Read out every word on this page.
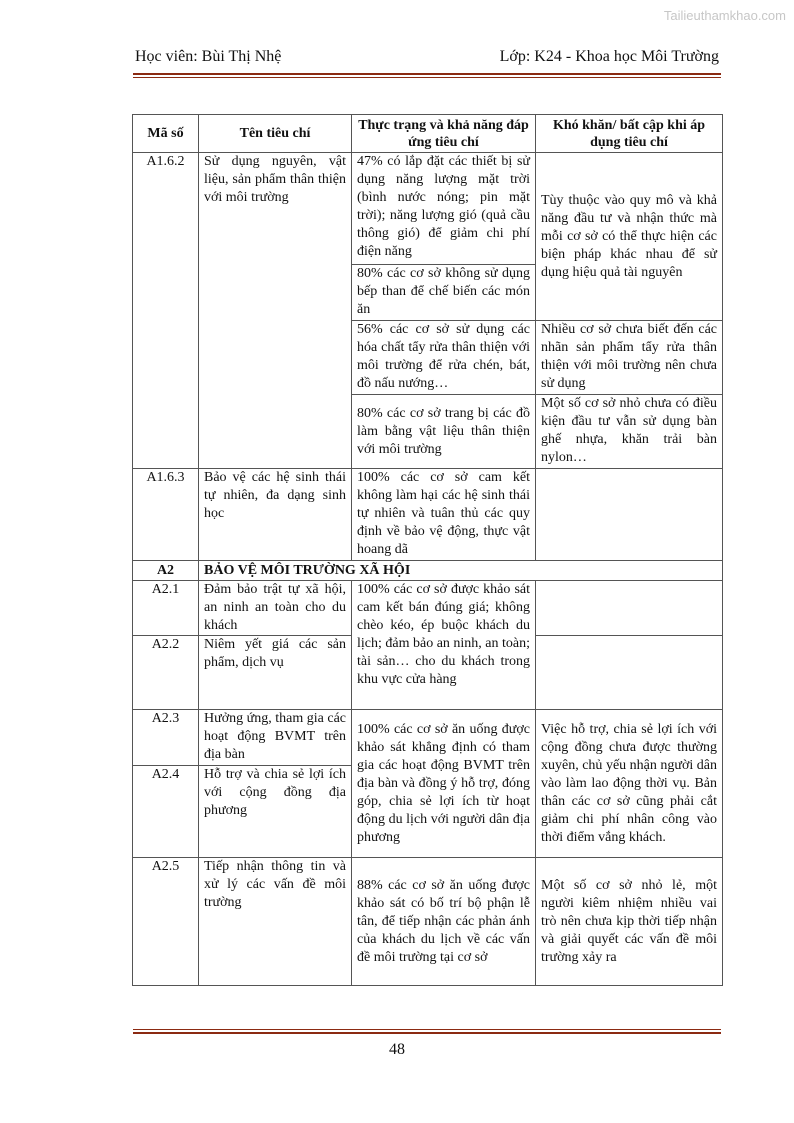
Tailieuthamkhao.com
Học viên: Bùi Thị Nhệ	Lớp: K24 - Khoa học Môi Trường
Mã số	Tên tiêu chí	Thực trạng và khả năng đáp ứng tiêu chí	Khó khăn/ bất cập khi áp dụng tiêu chí
A1.6.2	Sử dụng nguyên, vật liệu, sản phẩm thân thiện với môi trường	47% có lắp đặt các thiết bị sử dụng năng lượng mặt trời (bình nước nóng; pin mặt trời); năng lượng gió (quả cầu thông gió) để giảm chi phí điện năng	Tùy thuộc vào quy mô và khả năng đầu tư và nhận thức mà mỗi cơ sở có thể thực hiện các biện pháp khác nhau để sử dụng hiệu quả tài nguyên
		80% các cơ sở không sử dụng bếp than để chế biến các món ăn	
		56% các cơ sở sử dụng các hóa chất tẩy rửa thân thiện với môi trường để rửa chén, bát, đồ nấu nướng…	Nhiều cơ sở chưa biết đến các nhãn sản phẩm tẩy rửa thân thiện với môi trường nên chưa sử dụng
		80% các cơ sở trang bị các đồ làm bằng vật liệu thân thiện với môi trường	Một số cơ sở nhỏ chưa có điều kiện đầu tư vẫn sử dụng bàn ghế nhựa, khăn trải bàn nylon…
A1.6.3	Bảo vệ các hệ sinh thái tự nhiên, đa dạng sinh học	100% các cơ sở cam kết không làm hại các hệ sinh thái tự nhiên và tuân thủ các quy định về bảo vệ động, thực vật hoang dã	
A2	BẢO VỆ MÔI TRƯỜNG XÃ HỘI		
A2.1	Đảm bảo trật tự xã hội, an ninh an toàn cho du khách	100% các cơ sở được khảo sát cam kết bán đúng giá; không chèo kéo, ép buộc khách du lịch; đảm bảo an ninh, an toàn; tài sản… cho du khách trong khu vực cửa hàng	
A2.2	Niêm yết giá các sản phẩm, dịch vụ		
A2.3	Hưởng ứng, tham gia các hoạt động BVMT trên địa bàn	100% các cơ sở ăn uống được khảo sát khẳng định có tham gia các hoạt động BVMT trên địa bàn và đồng ý hỗ trợ, đóng góp, chia sẻ lợi ích từ hoạt động du lịch với người dân địa phương	Việc hỗ trợ, chia sẻ lợi ích với cộng đồng chưa được thường xuyên, chủ yếu nhận người dân vào làm lao động thời vụ. Bản thân các cơ sở cũng phải cắt giảm chi phí nhân công vào thời điểm vắng khách.
A2.4	Hỗ trợ và chia sẻ lợi ích với cộng đồng địa phương		
A2.5	Tiếp nhận thông tin và xử lý các vấn đề môi trường	88% các cơ sở ăn uống được khảo sát có bố trí bộ phận lễ tân, để tiếp nhận các phản ánh của khách du lịch về các vấn đề môi trường tại cơ sở	Một số cơ sở nhỏ lẻ, một người kiêm nhiệm nhiều vai trò nên chưa kịp thời tiếp nhận và giải quyết các vấn đề môi trường xảy ra
48
